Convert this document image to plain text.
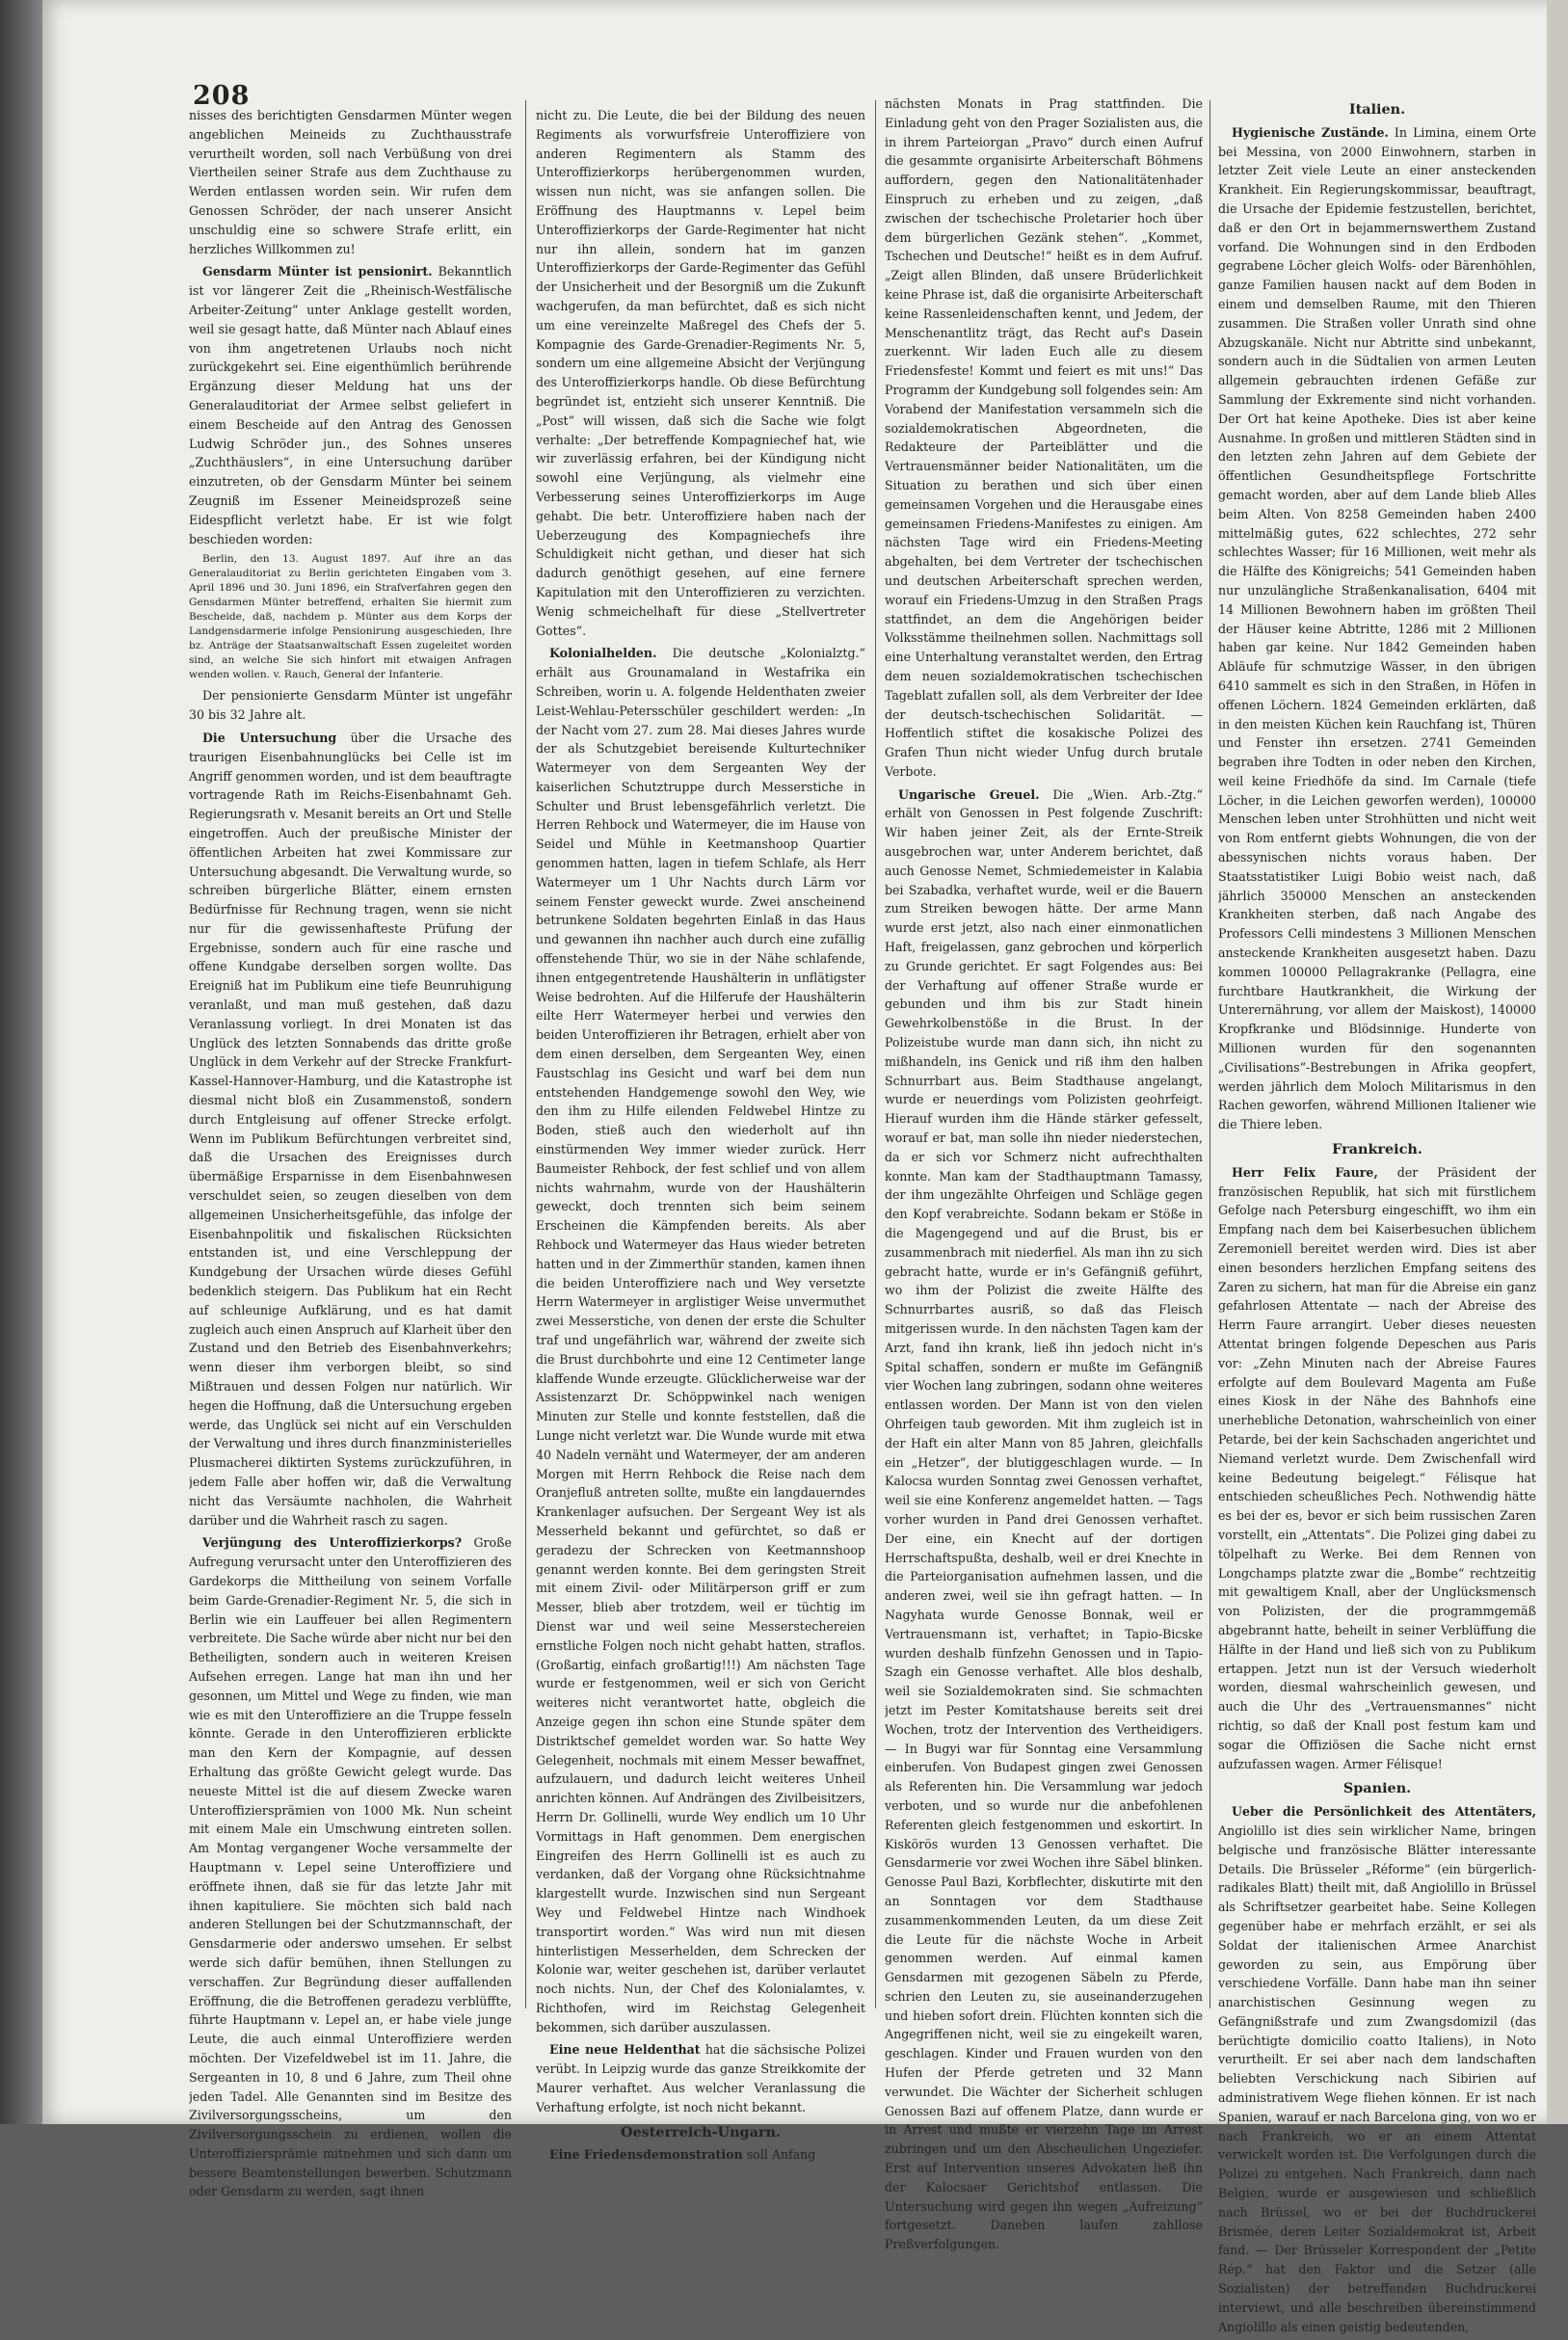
208

nisses des berichtigten Gensdarmen Münter wegen angeblichen Meineids zu Zuchthausstrafe verurtheilt worden, soll nach Verbüßung von drei Viertheilen seiner Strafe aus dem Zuchthause zu Werden entlassen worden sein. Wir rufen dem Genossen Schröder, der nach unserer Ansicht unschuldig eine so schwere Strafe erlitt, ein herzliches Willkommen zu!

Gensdarm Münter ist pensionirt. Bekanntlich ist vor längerer Zeit die „Rheinisch-Westfälische Arbeiter-Zeitung“ unter Anklage gestellt worden, weil sie gesagt hatte, daß Münter nach Ablauf eines von ihm angetretenen Urlaubs noch nicht zurückgekehrt sei. Eine eigenthümlich berührende Ergänzung dieser Meldung hat uns der Generalauditoriat der Armee selbst geliefert in einem Bescheide auf den Antrag des Genossen Ludwig Schröder jun., des Sohnes unseres „Zuchthäuslers“, in eine Untersuchung darüber einzutreten, ob der Gensdarm Münter bei seinem Zeugniß im Essener Meineidsprozeß seine Eidespflicht verletzt habe. Er ist wie folgt beschieden worden:

Berlin, den 13. August 1897. Auf ihre an das Generalauditoriat zu Berlin gerichteten Eingaben vom 3. April 1896 und 30. Juni 1896, ein Strafverfahren gegen den Gensdarmen Münter betreffend, erhalten Sie hiermit zum Bescheide, daß, nachdem p. Münter aus dem Korps der Landgensdarmerie infolge Pensionirung ausgeschieden, Ihre bz. Anträge der Staatsanwaltschaft Essen zugeleitet worden sind, an welche Sie sich hinfort mit etwaigen Anfragen wenden wollen. v. Rauch, General der Infanterie.

Der pensionierte Gensdarm Münter ist ungefähr 30 bis 32 Jahre alt.

Die Untersuchung über die Ursache des traurigen Eisenbahnunglücks bei Celle ist im Angriff genommen worden, und ist dem beauftragte vortragende Rath im Reichs-Eisenbahnamt Geh. Regierungsrath v. Mesanit bereits an Ort und Stelle eingetroffen. Auch der preußische Minister der öffentlichen Arbeiten hat zwei Kommissare zur Untersuchung abgesandt. Die Verwaltung wurde, so schreiben bürgerliche Blätter, einem ernsten Bedürfnisse für Rechnung tragen, wenn sie nicht nur für die gewissenhafteste Prüfung der Ergebnisse, sondern auch für eine rasche und offene Kundgabe derselben sorgen wollte. Das Ereigniß hat im Publikum eine tiefe Beunruhigung veranlaßt, und man muß gestehen, daß dazu Veranlassung vorliegt. In drei Monaten ist das Unglück des letzten Sonnabends das dritte große Unglück in dem Verkehr auf der Strecke Frankfurt-Kassel-Hannover-Hamburg, und die Katastrophe ist diesmal nicht bloß ein Zusammenstoß, sondern durch Entgleisung auf offener Strecke erfolgt. Wenn im Publikum Befürchtungen verbreitet sind, daß die Ursachen des Ereignisses durch übermäßige Ersparnisse in dem Eisenbahnwesen verschuldet seien, so zeugen dieselben von dem allgemeinen Unsicherheitsgefühle, das infolge der Eisenbahnpolitik und fiskalischen Rücksichten entstanden ist, und eine Verschleppung der Kundgebung der Ursachen würde dieses Gefühl bedenklich steigern. Das Publikum hat ein Recht auf schleunige Aufklärung, und es hat damit zugleich auch einen Anspruch auf Klarheit über den Zustand und den Betrieb des Eisenbahnverkehrs; wenn dieser ihm verborgen bleibt, so sind Mißtrauen und dessen Folgen nur natürlich. Wir hegen die Hoffnung, daß die Untersuchung ergeben werde, das Unglück sei nicht auf ein Verschulden der Verwaltung und ihres durch finanzministerielles Plusmacherei diktirten Systems zurückzuführen, in jedem Falle aber hoffen wir, daß die Verwaltung nicht das Versäumte nachholen, die Wahrheit darüber und die Wahrheit rasch zu sagen.

Verjüngung des Unteroffizierkorps? Große Aufregung verursacht unter den Unteroffizieren des Gardekorps die Mittheilung von seinem Vorfalle beim Garde-Grenadier-Regiment Nr. 5, die sich in Berlin wie ein Lauffeuer bei allen Regimentern verbreitete. Die Sache würde aber nicht nur bei den Betheiligten, sondern auch in weiteren Kreisen Aufsehen erregen. Lange hat man ihn und her gesonnen, um Mittel und Wege zu finden, wie man wie es mit den Unteroffiziere an die Truppe fesseln könnte. Gerade in den Unteroffizieren erblickte man den Kern der Kompagnie, auf dessen Erhaltung das größte Gewicht gelegt wurde. Das neueste Mittel ist die auf diesem Zwecke waren Unteroffiziersprämien von 1000 Mk. Nun scheint mit einem Male ein Umschwung eintreten sollen. Am Montag vergangener Woche versammelte der Hauptmann v. Lepel seine Unteroffiziere und eröffnete ihnen, daß sie für das letzte Jahr mit ihnen kapituliere. Sie möchten sich bald nach anderen Stellungen bei der Schutzmannschaft, der Gensdarmerie oder anderswo umsehen. Er selbst werde sich dafür bemühen, ihnen Stellungen zu verschaffen. Zur Begründung dieser auffallenden Eröffnung, die die Betroffenen geradezu verblüffte, führte Hauptmann v. Lepel an, er habe viele junge Leute, die auch einmal Unteroffiziere werden möchten. Der Vizefeldwebel ist im 11. Jahre, die Sergeanten in 10, 8 und 6 Jahre, zum Theil ohne jeden Tadel. Alle Genannten sind im Besitze des Zivilversorgungsscheins, um den Zivilversorgungsschein zu erdienen, wollen die Unteroffiziersprämie mitnehmen und sich dann um bessere Beamtenstellungen bewerben. Schutzmann oder Gensdarm zu werden, sagt ihnen

nicht zu. Die Leute, die bei der Bildung des neuen Regiments als vorwurfsfreie Unteroffiziere von anderen Regimentern als Stamm des Unteroffizierkorps herübergenommen wurden, wissen nun nicht, was sie anfangen sollen. Die Eröffnung des Hauptmanns v. Lepel beim Unteroffizierkorps der Garde-Regimenter hat nicht nur ihn allein, sondern hat im ganzen Unteroffizierkorps der Garde-Regimenter das Gefühl der Unsicherheit und der Besorgniß um die Zukunft wachgerufen, da man befürchtet, daß es sich nicht um eine vereinzelte Maßregel des Chefs der 5. Kompagnie des Garde-Grenadier-Regiments Nr. 5, sondern um eine allgemeine Absicht der Verjüngung des Unteroffizierkorps handle. Ob diese Befürchtung begründet ist, entzieht sich unserer Kenntniß. Die „Post“ will wissen, daß sich die Sache wie folgt verhalte: „Der betreffende Kompagniechef hat, wie wir zuverlässig erfahren, bei der Kündigung nicht sowohl eine Verjüngung, als vielmehr eine Verbesserung seines Unteroffizierkorps im Auge gehabt. Die betr. Unteroffiziere haben nach der Ueberzeugung des Kompagniechefs ihre Schuldigkeit nicht gethan, und dieser hat sich dadurch genöthigt gesehen, auf eine fernere Kapitulation mit den Unteroffizieren zu verzichten. Wenig schmeichelhaft für diese „Stellvertreter Gottes“.

Kolonialhelden. Die deutsche „Kolonialztg.“ erhält aus Grounamaland in Westafrika ein Schreiben, worin u. A. folgende Heldenthaten zweier Leist-Wehlau-Petersschüler geschildert werden: „In der Nacht vom 27. zum 28. Mai dieses Jahres wurde der als Schutzgebiet bereisende Kulturtechniker Watermeyer von dem Sergeanten Wey der kaiserlichen Schutztruppe durch Messerstiche in Schulter und Brust lebensgefährlich verletzt. Die Herren Rehbock und Watermeyer, die im Hause von Seidel und Mühle in Keetmanshoop Quartier genommen hatten, lagen in tiefem Schlafe, als Herr Watermeyer um 1 Uhr Nachts durch Lärm vor seinem Fenster geweckt wurde. Zwei anscheinend betrunkene Soldaten begehrten Einlaß in das Haus und gewannen ihn nachher auch durch eine zufällig offenstehende Thür, wo sie in der Nähe schlafende, ihnen entgegentretende Haushälterin in unflätigster Weise bedrohten. Auf die Hilferufe der Haushälterin eilte Herr Watermeyer herbei und verwies den beiden Unteroffizieren ihr Betragen, erhielt aber von dem einen derselben, dem Sergeanten Wey, einen Faustschlag ins Gesicht und warf bei dem nun entstehenden Handgemenge sowohl den Wey, wie den ihm zu Hilfe eilenden Feldwebel Hintze zu Boden, stieß auch den wiederholt auf ihn einstürmenden Wey immer wieder zurück. Herr Baumeister Rehbock, der fest schlief und von allem nichts wahrnahm, wurde von der Haushälterin geweckt, doch trennten sich beim seinem Erscheinen die Kämpfenden bereits. Als aber Rehbock und Watermeyer das Haus wieder betreten hatten und in der Zimmerthür standen, kamen ihnen die beiden Unteroffiziere nach und Wey versetzte Herrn Watermeyer in arglistiger Weise unvermuthet zwei Messerstiche, von denen der erste die Schulter traf und ungefährlich war, während der zweite sich die Brust durchbohrte und eine 12 Centimeter lange klaffende Wunde erzeugte. Glücklicherweise war der Assistenzarzt Dr. Schöppwinkel nach wenigen Minuten zur Stelle und konnte feststellen, daß die Lunge nicht verletzt war. Die Wunde wurde mit etwa 40 Nadeln vernäht und Watermeyer, der am anderen Morgen mit Herrn Rehbock die Reise nach dem Oranjefluß antreten sollte, mußte ein langdauerndes Krankenlager aufsuchen. Der Sergeant Wey ist als Messerheld bekannt und gefürchtet, so daß er geradezu der Schrecken von Keetmannshoop genannt werden konnte. Bei dem geringsten Streit mit einem Zivil- oder Militärperson griff er zum Messer, blieb aber trotzdem, weil er tüchtig im Dienst war und weil seine Messerstechereien ernstliche Folgen noch nicht gehabt hatten, straflos. (Großartig, einfach großartig!!!) Am nächsten Tage wurde er festgenommen, weil er sich von Gericht weiteres nicht verantwortet hatte, obgleich die Anzeige gegen ihn schon eine Stunde später dem Distriktschef gemeldet worden war. So hatte Wey Gelegenheit, nochmals mit einem Messer bewaffnet, aufzulauern, und dadurch leicht weiteres Unheil anrichten können. Auf Andrängen des Zivilbeisitzers, Herrn Dr. Gollinelli, wurde Wey endlich um 10 Uhr Vormittags in Haft genommen. Dem energischen Eingreifen des Herrn Gollinelli ist es auch zu verdanken, daß der Vorgang ohne Rücksichtnahme klargestellt wurde. Inzwischen sind nun Sergeant Wey und Feldwebel Hintze nach Windhoek transportirt worden.“ Was wird nun mit diesen hinterlistigen Messerhelden, dem Schrecken der Kolonie war, weiter geschehen ist, darüber verlautet noch nichts. Nun, der Chef des Kolonialamtes, v. Richthofen, wird im Reichstag Gelegenheit bekommen, sich darüber auszulassen.

Eine neue Heldenthat hat die sächsische Polizei verübt. In Leipzig wurde das ganze Streikkomite der Maurer verhaftet. Aus welcher Veranlassung die Verhaftung erfolgte, ist noch nicht bekannt.

Oesterreich-Ungarn.

Eine Friedensdemonstration soll Anfang

nächsten Monats in Prag stattfinden. Die Einladung geht von den Prager Sozialisten aus, die in ihrem Parteiorgan „Pravo“ durch einen Aufruf die gesammte organisirte Arbeiterschaft Böhmens auffordern, gegen den Nationalitätenhader Einspruch zu erheben und zu zeigen, „daß zwischen der tschechische Proletarier hoch über dem bürgerlichen Gezänk stehen“. „Kommet, Tschechen und Deutsche!“ heißt es in dem Aufruf. „Zeigt allen Blinden, daß unsere Brüderlichkeit keine Phrase ist, daß die organisirte Arbeiterschaft keine Rassenleidenschaften kennt, und Jedem, der Menschenantlitz trägt, das Recht auf's Dasein zuerkennt. Wir laden Euch alle zu diesem Friedensfeste! Kommt und feiert es mit uns!“ Das Programm der Kundgebung soll folgendes sein: Am Vorabend der Manifestation versammeln sich die sozialdemokratischen Abgeordneten, die Redakteure der Parteiblätter und die Vertrauensmänner beider Nationalitäten, um die Situation zu berathen und sich über einen gemeinsamen Vorgehen und die Herausgabe eines gemeinsamen Friedens-Manifestes zu einigen. Am nächsten Tage wird ein Friedens-Meeting abgehalten, bei dem Vertreter der tschechischen und deutschen Arbeiterschaft sprechen werden, worauf ein Friedens-Umzug in den Straßen Prags stattfindet, an dem die Angehörigen beider Volksstämme theilnehmen sollen. Nachmittags soll eine Unterhaltung veranstaltet werden, den Ertrag dem neuen sozialdemokratischen tschechischen Tageblatt zufallen soll, als dem Verbreiter der Idee der deutsch-tschechischen Solidarität. — Hoffentlich stiftet die kosakische Polizei des Grafen Thun nicht wieder Unfug durch brutale Verbote.

Ungarische Greuel. Die „Wien. Arb.-Ztg.“ erhält von Genossen in Pest folgende Zuschrift: Wir haben jeiner Zeit, als der Ernte-Streik ausgebrochen war, unter Anderem berichtet, daß auch Genosse Nemet, Schmiedemeister in Kalabia bei Szabadka, verhaftet wurde, weil er die Bauern zum Streiken bewogen hätte. Der arme Mann wurde erst jetzt, also nach einer einmonatlichen Haft, freigelassen, ganz gebrochen und körperlich zu Grunde gerichtet. Er sagt Folgendes aus: Bei der Verhaftung auf offener Straße wurde er gebunden und ihm bis zur Stadt hinein Gewehrkolbenstöße in die Brust. In der Polizeistube wurde man dann sich, ihn nicht zu mißhandeln, ins Genick und riß ihm den halben Schnurrbart aus. Beim Stadthause angelangt, wurde er neuerdings vom Polizisten geohrfeigt. Hierauf wurden ihm die Hände stärker gefesselt, worauf er bat, man solle ihn nieder niederstechen, da er sich vor Schmerz nicht aufrechthalten konnte. Man kam der Stadthauptmann Tamassy, der ihm ungezählte Ohrfeigen und Schläge gegen den Kopf verabreichte. Sodann bekam er Stöße in die Magengegend und auf die Brust, bis er zusammenbrach mit niederfiel. Als man ihn zu sich gebracht hatte, wurde er in's Gefängniß geführt, wo ihm der Polizist die zweite Hälfte des Schnurrbartes ausriß, so daß das Fleisch mitgerissen wurde. In den nächsten Tagen kam der Arzt, fand ihn krank, ließ ihn jedoch nicht in's Spital schaffen, sondern er mußte im Gefängniß vier Wochen lang zubringen, sodann ohne weiteres entlassen worden. Der Mann ist von den vielen Ohrfeigen taub geworden. Mit ihm zugleich ist in der Haft ein alter Mann von 85 Jahren, gleichfalls ein „Hetzer“, der blutiggeschlagen wurde. — In Kalocsa wurden Sonntag zwei Genossen verhaftet, weil sie eine Konferenz angemeldet hatten. — Tags vorher wurden in Pand drei Genossen verhaftet. Der eine, ein Knecht auf der dortigen Herrschaftspußta, deshalb, weil er drei Knechte in die Parteiorganisation aufnehmen lassen, und die anderen zwei, weil sie ihn gefragt hatten. — In Nagyhata wurde Genosse Bonnak, weil er Vertrauensmann ist, verhaftet; in Tapio-Bicske wurden deshalb fünfzehn Genossen und in Tapio-Szagh ein Genosse verhaftet. Alle blos deshalb, weil sie Sozialdemokraten sind. Sie schmachten jetzt im Pester Komitatshause bereits seit drei Wochen, trotz der Intervention des Vertheidigers. — In Bugyi war für Sonntag eine Versammlung einberufen. Von Budapest gingen zwei Genossen als Referenten hin. Die Versammlung war jedoch verboten, und so wurde nur die anbefohlenen Referenten gleich festgenommen und eskortirt. In Kiskörös wurden 13 Genossen verhaftet. Die Gensdarmerie vor zwei Wochen ihre Säbel blinken. Genosse Paul Bazi, Korbflechter, diskutirte mit den an Sonntagen vor dem Stadthause zusammenkommenden Leuten, da um diese Zeit die Leute für die nächste Woche in Arbeit genommen werden. Auf einmal kamen Gensdarmen mit gezogenen Säbeln zu Pferde, schrien den Leuten zu, sie auseinanderzugehen und hieben sofort drein. Flüchten konnten sich die Angegriffenen nicht, weil sie zu eingekeilt waren, geschlagen. Kinder und Frauen wurden von den Hufen der Pferde getreten und 32 Mann verwundet. Die Wächter der Sicherheit schlugen Genossen Bazi auf offenem Platze, dann wurde er in Arrest und mußte er vierzehn Tage im Arrest zubringen und um den Abscheulichen Ungeziefer. Erst auf Intervention unseres Advokaten ließ ihn der Kalocsaer Gerichtshof entlassen. Die Untersuchung wird gegen ihn wegen „Aufreizung“ fortgesetzt. Daneben laufen zahllose Preßverfolgungen.

Italien.

Hygienische Zustände. In Limina, einem Orte bei Messina, von 2000 Einwohnern, starben in letzter Zeit viele Leute an einer ansteckenden Krankheit. Ein Regierungskommissar, beauftragt, die Ursache der Epidemie festzustellen, berichtet, daß er den Ort in bejammernswerthem Zustand vorfand. Die Wohnungen sind in den Erdboden gegrabene Löcher gleich Wolfs- oder Bärenhöhlen, ganze Familien hausen nackt auf dem Boden in einem und demselben Raume, mit den Thieren zusammen. Die Straßen voller Unrath sind ohne Abzugskanäle. Nicht nur Abtritte sind unbekannt, sondern auch in die Südtalien von armen Leuten allgemein gebrauchten irdenen Gefäße zur Sammlung der Exkremente sind nicht vorhanden. Der Ort hat keine Apotheke. Dies ist aber keine Ausnahme. In großen und mittleren Städten sind in den letzten zehn Jahren auf dem Gebiete der öffentlichen Gesundheitspflege Fortschritte gemacht worden, aber auf dem Lande blieb Alles beim Alten. Von 8258 Gemeinden haben 2400 mittelmäßig gutes, 622 schlechtes, 272 sehr schlechtes Wasser; für 16 Millionen, weit mehr als die Hälfte des Königreichs; 541 Gemeinden haben nur unzulängliche Straßenkanalisation, 6404 mit 14 Millionen Bewohnern haben im größten Theil der Häuser keine Abtritte, 1286 mit 2 Millionen haben gar keine. Nur 1842 Gemeinden haben Abläufe für schmutzige Wässer, in den übrigen 6410 sammelt es sich in den Straßen, in Höfen in offenen Löchern. 1824 Gemeinden erklärten, daß in den meisten Küchen kein Rauchfang ist, Thüren und Fenster ihn ersetzen. 2741 Gemeinden begraben ihre Todten in oder neben den Kirchen, weil keine Friedhöfe da sind. Im Carnale (tiefe Löcher, in die Leichen geworfen werden), 100000 Menschen leben unter Strohhütten und nicht weit von Rom entfernt giebts Wohnungen, die von der abessynischen nichts voraus haben. Der Staatsstatistiker Luigi Bobio weist nach, daß jährlich 350000 Menschen an ansteckenden Krankheiten sterben, daß nach Angabe des Professors Celli mindestens 3 Millionen Menschen ansteckende Krankheiten ausgesetzt haben. Dazu kommen 100000 Pellagrakranke (Pellagra, eine furchtbare Hautkrankheit, die Wirkung der Unterernährung, vor allem der Maiskost), 140000 Kropfkranke und Blödsinnige. Hunderte von Millionen wurden für den sogenannten „Civilisations“-Bestrebungen in Afrika geopfert, werden jährlich dem Moloch Militarismus in den Rachen geworfen, während Millionen Italiener wie die Thiere leben.

Frankreich.

Herr Felix Faure, der Präsident der französischen Republik, hat sich mit fürstlichem Gefolge nach Petersburg eingeschifft, wo ihm ein Empfang nach dem bei Kaiserbesuchen üblichem Zeremoniell bereitet werden wird. Dies ist aber einen besonders herzlichen Empfang seitens des Zaren zu sichern, hat man für die Abreise ein ganz gefahrlosen Attentate — nach der Abreise des Herrn Faure arrangirt. Ueber dieses neuesten Attentat bringen folgende Depeschen aus Paris vor: „Zehn Minuten nach der Abreise Faures erfolgte auf dem Boulevard Magenta am Fuße eines Kiosk in der Nähe des Bahnhofs eine unerhebliche Detonation, wahrscheinlich von einer Petarde, bei der kein Sachschaden angerichtet und Niemand verletzt wurde. Dem Zwischenfall wird keine Bedeutung beigelegt.“ Félisque hat entschieden scheußliches Pech. Nothwendig hätte es bei der es, bevor er sich beim russischen Zaren vorstellt, ein „Attentats“. Die Polizei ging dabei zu tölpelhaft zu Werke. Bei dem Rennen von Longchamps platzte zwar die „Bombe“ rechtzeitig mit gewaltigem Knall, aber der Unglücksmensch von Polizisten, der die programmgemäß abgebrannt hatte, beheilt in seiner Verblüffung die Hälfte in der Hand und ließ sich von zu Publikum ertappen. Jetzt nun ist der Versuch wiederholt worden, diesmal wahrscheinlich gewesen, und auch die Uhr des „Vertrauensmannes“ nicht richtig, so daß der Knall post festum kam und sogar die Offiziösen die Sache nicht ernst aufzufassen wagen. Armer Félisque!

Spanien.

Ueber die Persönlichkeit des Attentäters, Angiolillo ist dies sein wirklicher Name, bringen belgische und französische Blätter interessante Details. Die Brüsseler „Réforme“ (ein bürgerlich-radikales Blatt) theilt mit, daß Angiolillo in Brüssel als Schriftsetzer gearbeitet habe. Seine Kollegen gegenüber habe er mehrfach erzählt, er sei als Soldat der italienischen Armee Anarchist geworden zu sein, aus Empörung über verschiedene Vorfälle. Dann habe man ihn seiner anarchistischen Gesinnung wegen zu Gefängnißstrafe und zum Zwangsdomizil (das berüchtigte domicilio coatto Italiens), in Noto verurtheilt. Er sei aber nach dem landschaften beliebten Verschickung nach Sibirien auf administrativem Wege fliehen können. Er ist nach Spanien, warauf er nach Barcelona ging, von wo er nach Frankreich, wo er an einem Attentat verwickelt worden ist. Die Verfolgungen durch die Polizei zu entgehen. Nach Frankreich, dann nach Belgien, wurde er ausgewiesen und schließlich nach Brüssel, wo er bei der Buchdruckerei Brismée, deren Leiter Sozialdemokrat ist, Arbeit fand. — Der Brüsseler Korrespondent der „Petite Rép.“ hat den Faktor und die Setzer (alle Sozialisten) der betreffenden Buchdruckerei interviewt, und alle beschreiben übereinstimmend Angiolillo als einen geistig bedeutenden,
